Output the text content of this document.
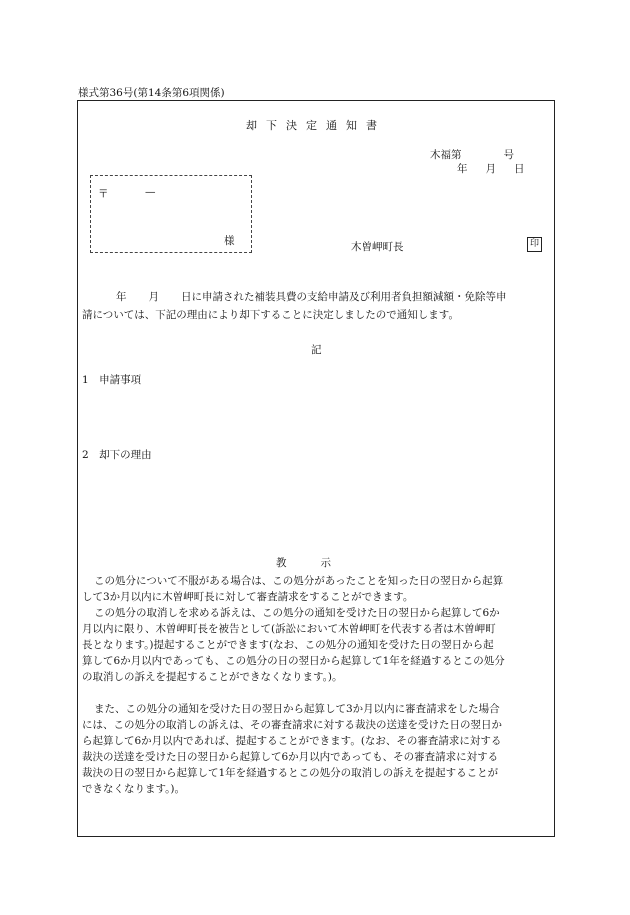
様式第36号(第14条第6項関係)
却下決定通知書
木福第	号
年 月 日
〒	—
様	木曽岬町長	印
年 月 日に申請された補装具費の支給申請及び利用者負担額減額・免除等申
請については、下記の理由により却下することに決定しましたので通知します。
記
1　申請事項
2　却下の理由
教示
この処分について不服がある場合は、この処分があったことを知った日の翌日から起算
して3か月以内に木曽岬町長に対して審査請求をすることができます。
この処分の取消しを求める訴えは、この処分の通知を受けた日の翌日から起算して6か
月以内に限り、木曽岬町長を被告として(訴訟において木曽岬町を代表する者は木曽岬町
長となります。)提起することができます(なお、この処分の通知を受けた日の翌日から起
算して6か月以内であっても、この処分の日の翌日から起算して1年を経過するとこの処分
の取消しの訴えを提起することができなくなります。)。
また、この処分の通知を受けた日の翌日から起算して3か月以内に審査請求をした場合
には、この処分の取消しの訴えは、その審査請求に対する裁決の送達を受けた日の翌日か
ら起算して6か月以内であれば、提起することができます。(なお、その審査請求に対する
裁決の送達を受けた日の翌日から起算して6か月以内であっても、その審査請求に対する
裁決の日の翌日から起算して1年を経過するとこの処分の取消しの訴えを提起することが
できなくなります。)。
